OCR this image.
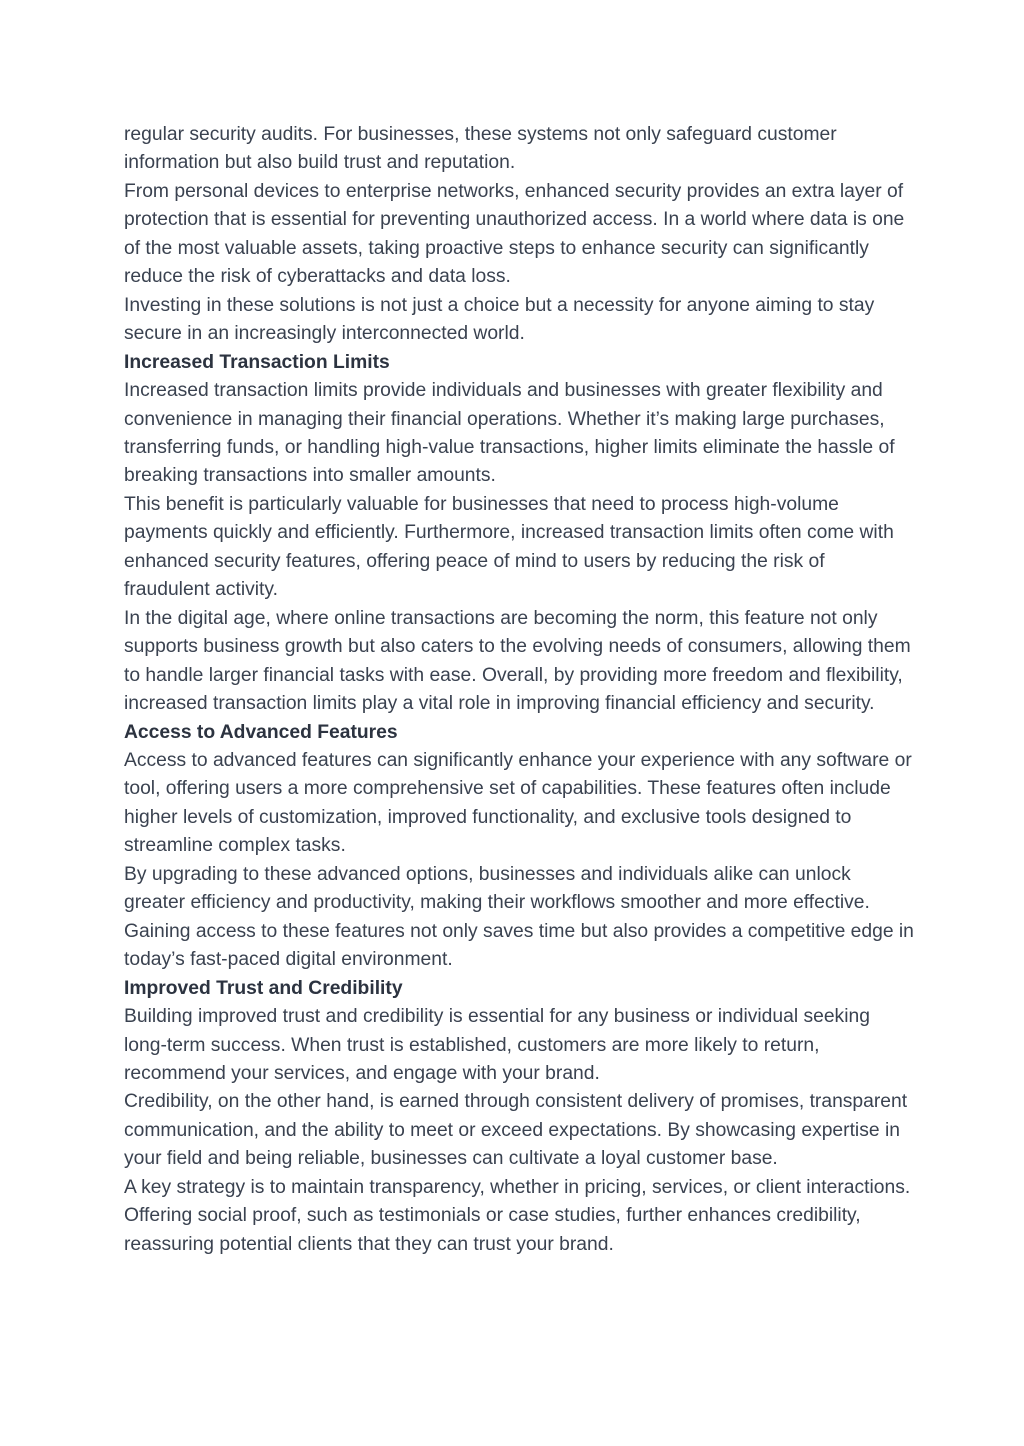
regular security audits. For businesses, these systems not only safeguard customer information but also build trust and reputation.

From personal devices to enterprise networks, enhanced security provides an extra layer of protection that is essential for preventing unauthorized access. In a world where data is one of the most valuable assets, taking proactive steps to enhance security can significantly reduce the risk of cyberattacks and data loss.

Investing in these solutions is not just a choice but a necessity for anyone aiming to stay secure in an increasingly interconnected world.

Increased Transaction Limits

Increased transaction limits provide individuals and businesses with greater flexibility and convenience in managing their financial operations. Whether it’s making large purchases, transferring funds, or handling high-value transactions, higher limits eliminate the hassle of breaking transactions into smaller amounts.

This benefit is particularly valuable for businesses that need to process high-volume payments quickly and efficiently. Furthermore, increased transaction limits often come with enhanced security features, offering peace of mind to users by reducing the risk of fraudulent activity.

In the digital age, where online transactions are becoming the norm, this feature not only supports business growth but also caters to the evolving needs of consumers, allowing them to handle larger financial tasks with ease. Overall, by providing more freedom and flexibility, increased transaction limits play a vital role in improving financial efficiency and security.

Access to Advanced Features

Access to advanced features can significantly enhance your experience with any software or tool, offering users a more comprehensive set of capabilities. These features often include higher levels of customization, improved functionality, and exclusive tools designed to streamline complex tasks.

By upgrading to these advanced options, businesses and individuals alike can unlock greater efficiency and productivity, making their workflows smoother and more effective. Gaining access to these features not only saves time but also provides a competitive edge in today’s fast-paced digital environment.

Improved Trust and Credibility

Building improved trust and credibility is essential for any business or individual seeking long-term success. When trust is established, customers are more likely to return, recommend your services, and engage with your brand.

Credibility, on the other hand, is earned through consistent delivery of promises, transparent communication, and the ability to meet or exceed expectations. By showcasing expertise in your field and being reliable, businesses can cultivate a loyal customer base.

A key strategy is to maintain transparency, whether in pricing, services, or client interactions. Offering social proof, such as testimonials or case studies, further enhances credibility, reassuring potential clients that they can trust your brand.
